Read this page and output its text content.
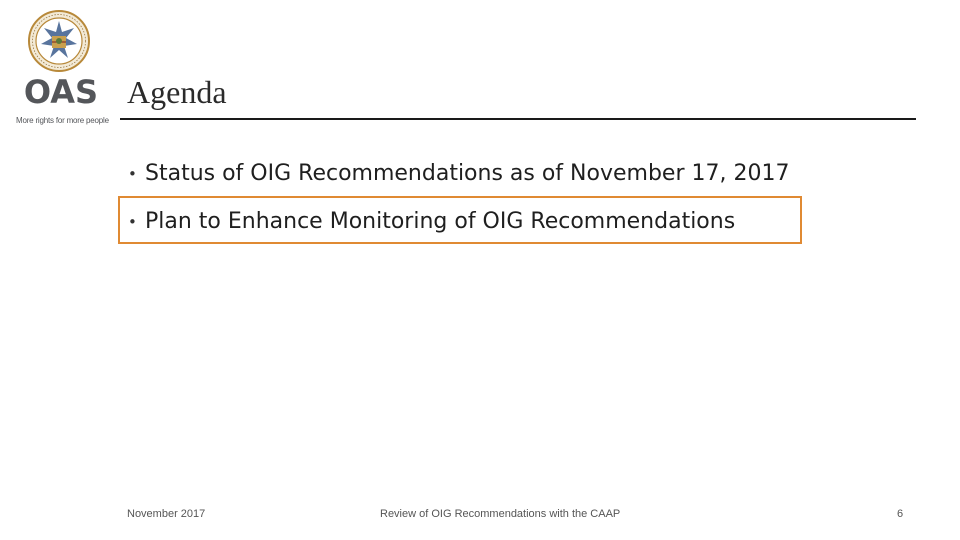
OAS
More rights for more people
Agenda
• Status of OIG Recommendations as of November 17, 2017
• Plan to Enhance Monitoring of OIG Recommendations
November 2017	Review of OIG Recommendations with the CAAP	6
